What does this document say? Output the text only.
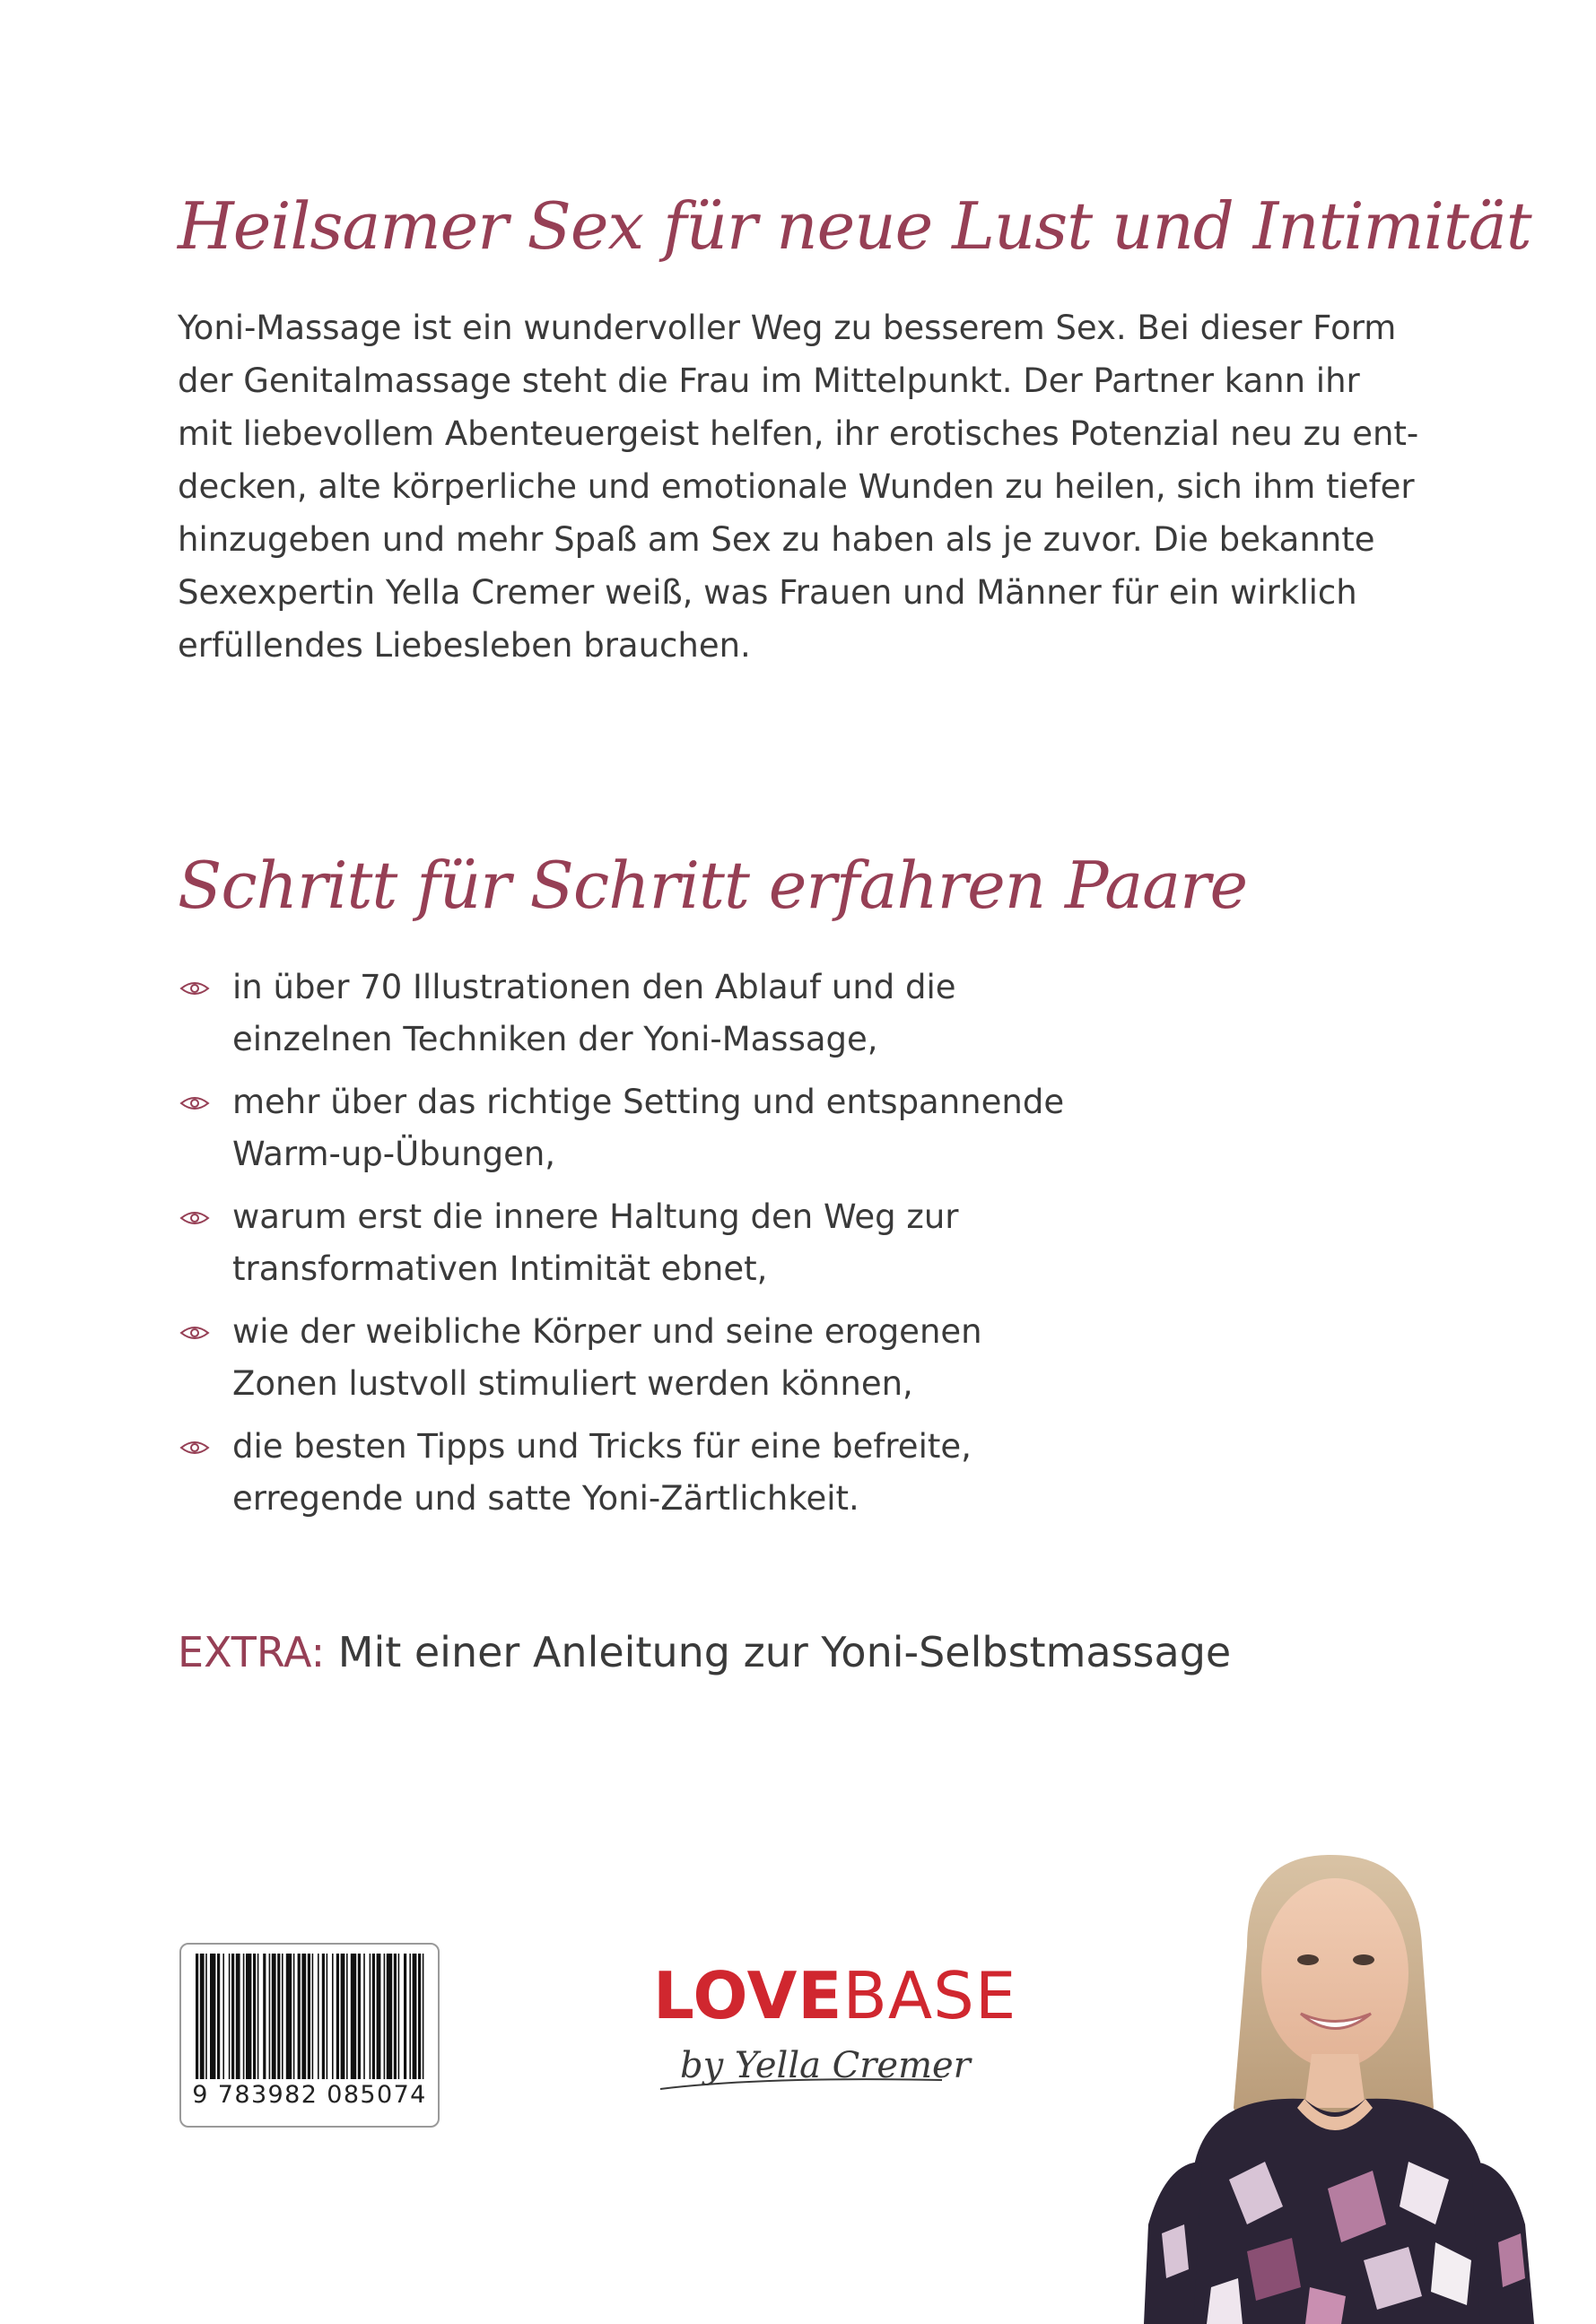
Heilsamer Sex für neue Lust und Intimität
Yoni-Massage ist ein wundervoller Weg zu besserem Sex. Bei dieser Form
der Genitalmassage steht die Frau im Mittelpunkt. Der Partner kann ihr
mit liebevollem Abenteuergeist helfen, ihr erotisches Potenzial neu zu ent-
decken, alte körperliche und emotionale Wunden zu heilen, sich ihm tiefer
hinzugeben und mehr Spaß am Sex zu haben als je zuvor. Die bekannte
Sexexpertin Yella Cremer weiß, was Frauen und Männer für ein wirklich
erfüllendes Liebesleben brauchen.
Schritt für Schritt erfahren Paare
in über 70 Illustrationen den Ablauf und die
einzelnen Techniken der Yoni-Massage,
mehr über das richtige Setting und entspannende
Warm-up-Übungen,
warum erst die innere Haltung den Weg zur
transformativen Intimität ebnet,
wie der weibliche Körper und seine erogenen
Zonen lustvoll stimuliert werden können,
die besten Tipps und Tricks für eine befreite,
erregende und satte Yoni-Zärtlichkeit.
EXTRA: Mit einer Anleitung zur Yoni-Selbstmassage
9 783982 085074
LOVEBASE
by Yella Cremer
